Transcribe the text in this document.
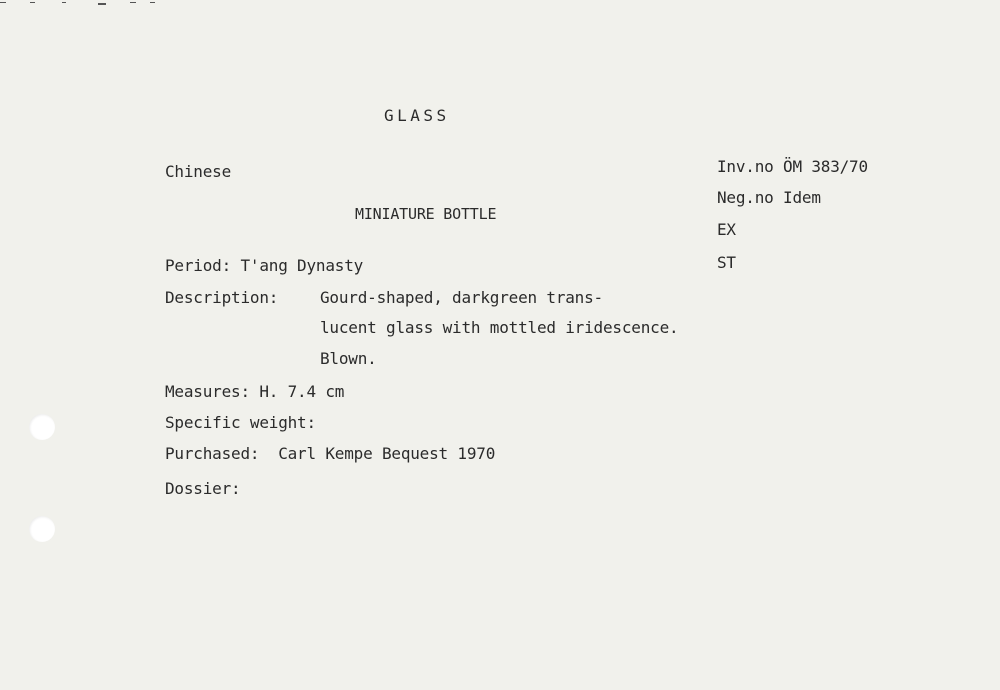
GLASS
Chinese
MINIATURE BOTTLE
Period: T'ang Dynasty
Description:	Gourd-shaped, darkgreen trans-
lucent glass with mottled iridescence.
Blown.
Measures: H. 7.4 cm
Specific weight:
Purchased:  Carl Kempe Bequest 1970
Dossier:
Inv.no ÖM 383/70
Neg.no Idem
EX
ST
